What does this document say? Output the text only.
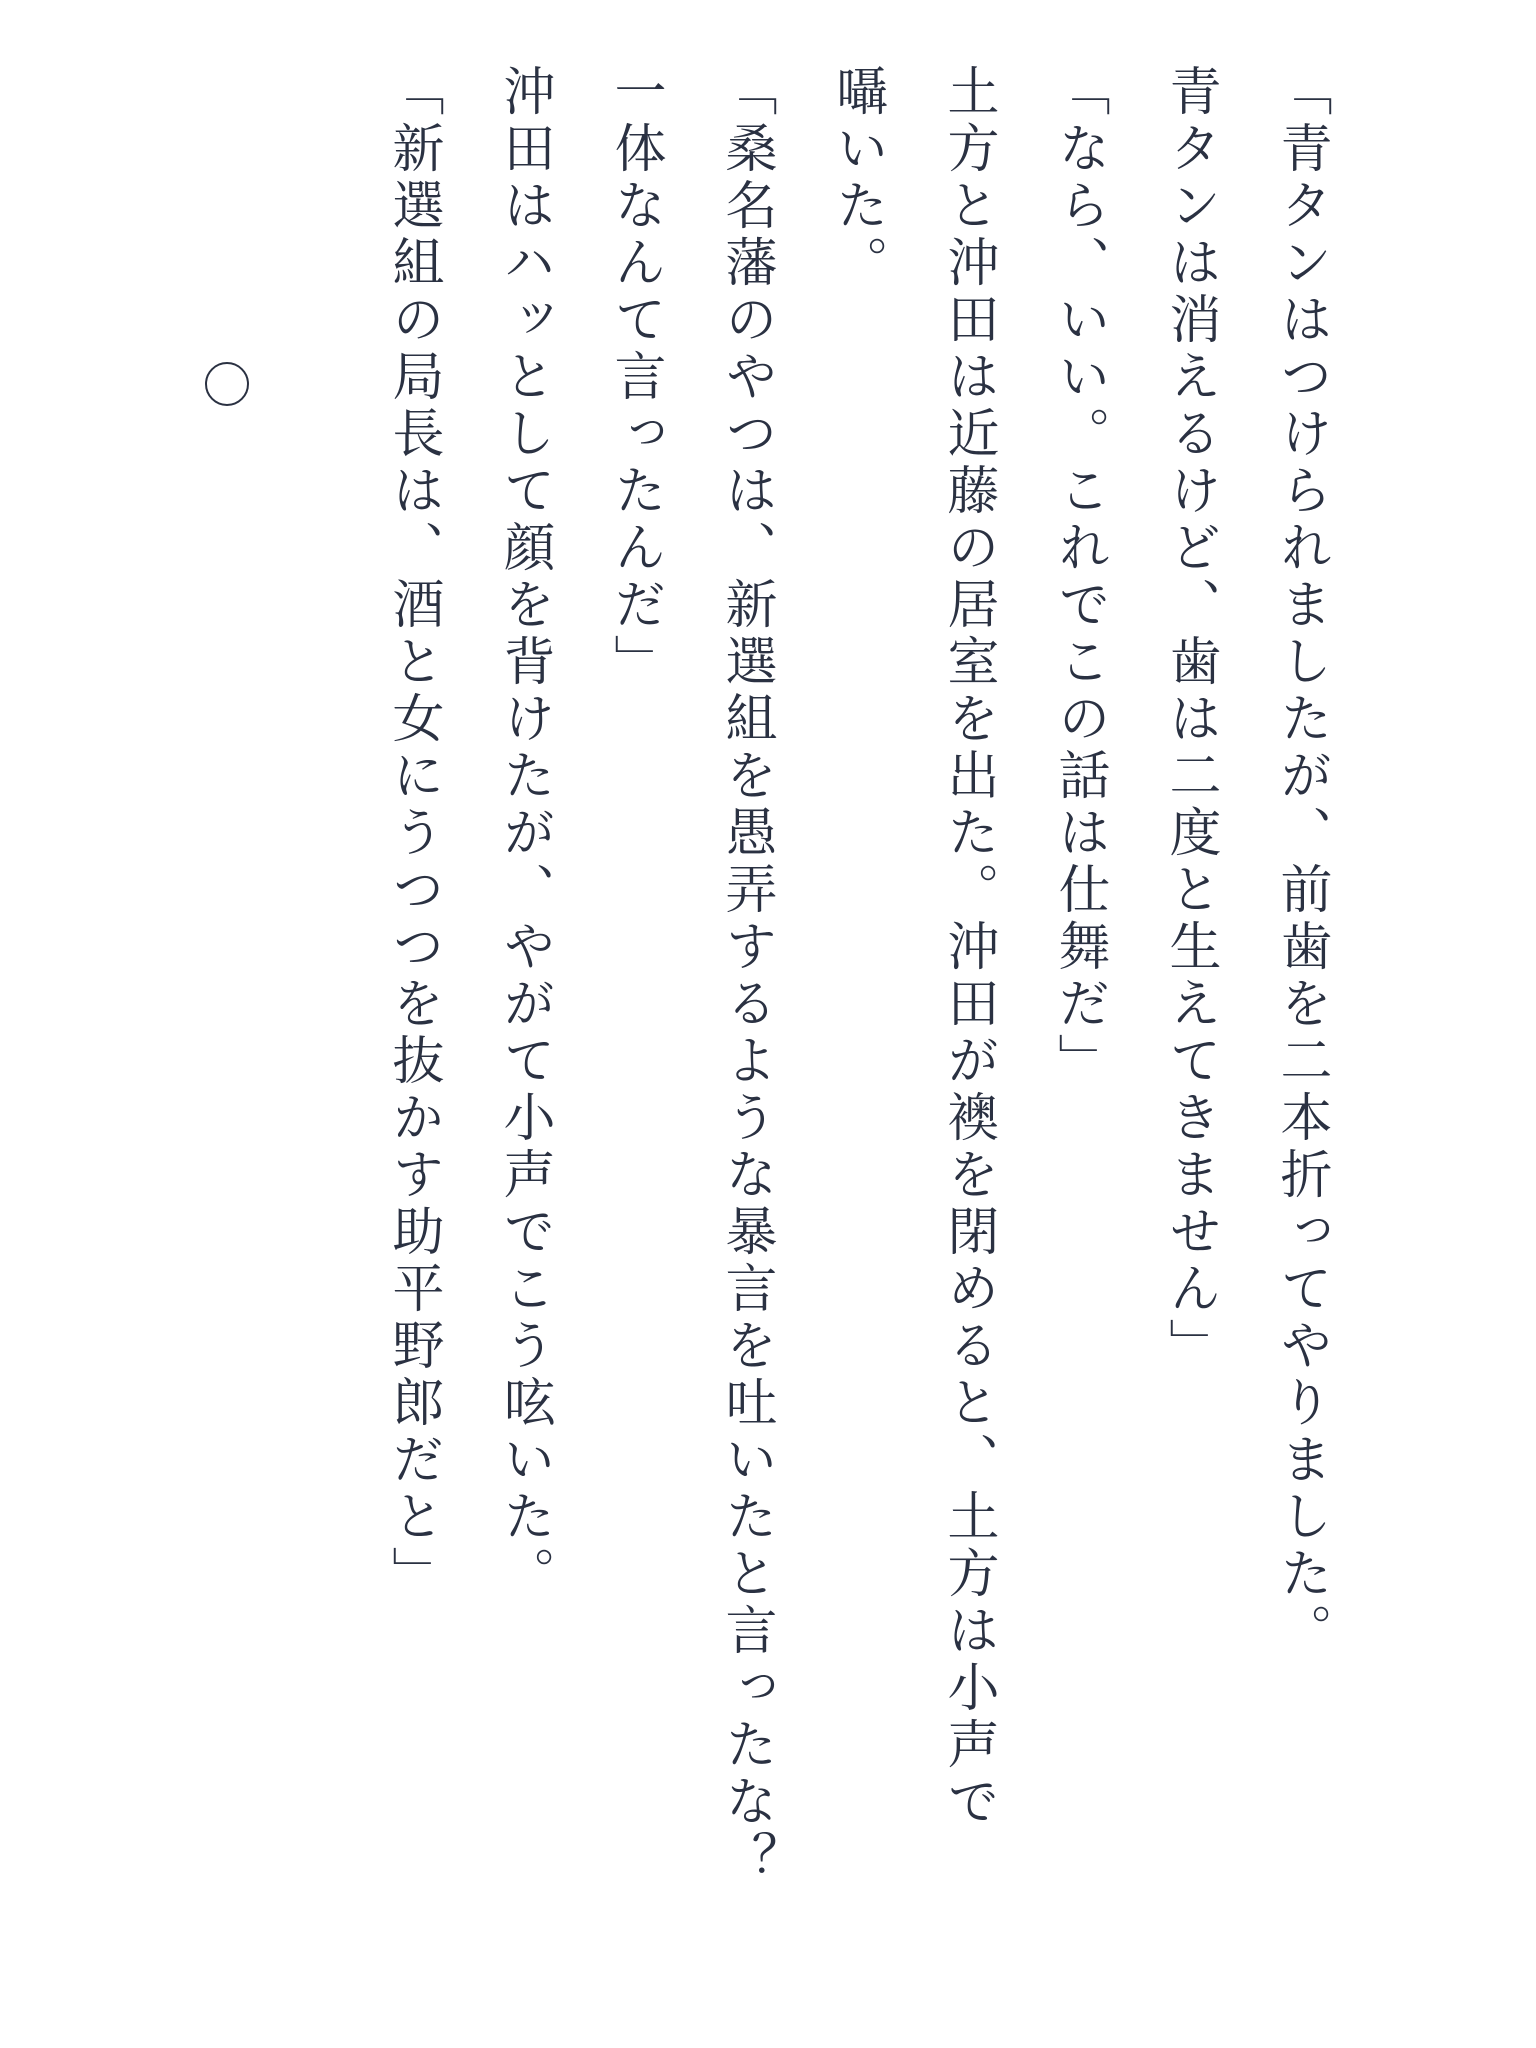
「青タンはつけられましたが、前歯を二本折ってやりました。
青タンは消えるけど、歯は二度と生えてきません」
「なら、いい。これでこの話は仕舞だ」
土方と沖田は近藤の居室を出た。沖田が襖を閉めると、土方は小声で
囁いた。
「桑名藩のやつは、新選組を愚弄するような暴言を吐いたと言ったな？
一体なんて言ったんだ」
沖田はハッとして顔を背けたが、やがて小声でこう呟いた。
「新選組の局長は、酒と女にうつつを抜かす助平野郎だと」
